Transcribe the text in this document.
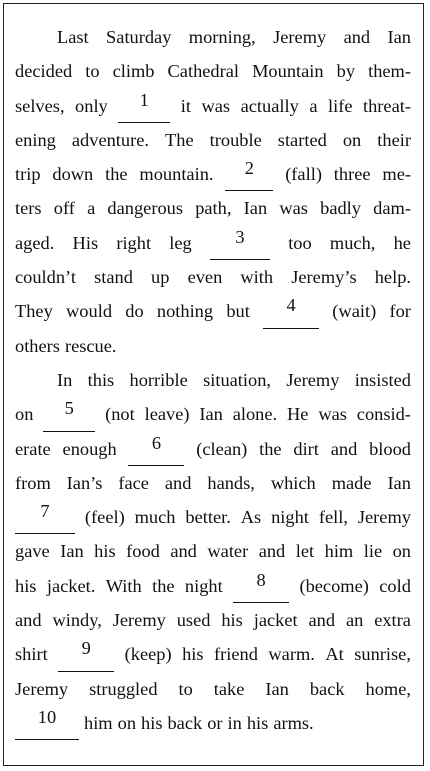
Last Saturday morning, Jeremy and Ian
decided to climb Cathedral Mountain by them-
selves, only	1	it was actually a life threat-
ening adventure. The trouble started on their
trip down the mountain.	2	(fall) three me-
ters off a dangerous path, Ian was badly dam-
aged. His right leg	3	too much, he
couldn’t stand up even with Jeremy’s help.
They would do nothing but	4	(wait) for
others rescue.
In this horrible situation, Jeremy insisted
on	5	(not leave) Ian alone. He was consid-
erate enough	6	(clean) the dirt and blood
from Ian’s face and hands, which made Ian
7	(feel) much better. As night fell, Jeremy
gave Ian his food and water and let him lie on
his jacket. With the night	8	(become) cold
and windy, Jeremy used his jacket and an extra
shirt	9	(keep) his friend warm. At sunrise,
Jeremy struggled to take Ian back home,
10	him on his back or in his arms.
